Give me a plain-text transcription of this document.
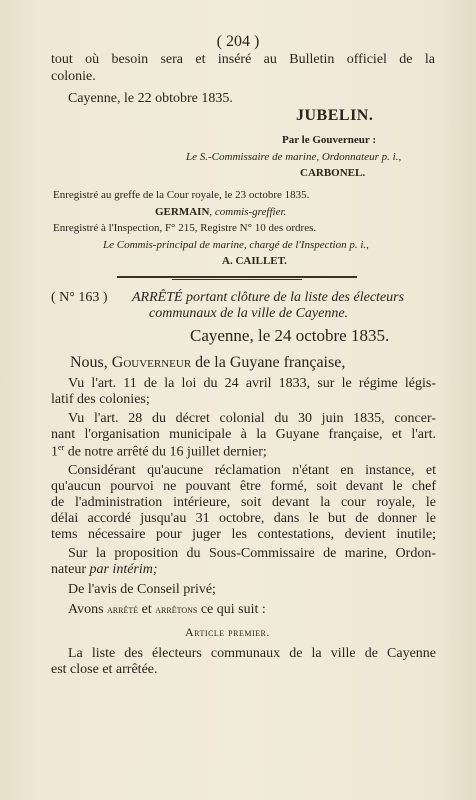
( 204 )
tout où besoin sera et inséré au Bulletin officiel de la
colonie.
Cayenne, le 22 obtobre 1835.
JUBELIN.
Par le Gouverneur :
Le S.-Commissaire de marine, Ordonnateur p. i.,
CARBONEL.
Enregistré au greffe de la Cour royale, le 23 octobre 1835.
GERMAIN, commis-greffier.
Enregistré à l'Inspection, F° 215, Registre N° 10 des ordres.
Le Commis-principal de marine, chargé de l'Inspection p. i.,
A. CAILLET.
( N° 163 ) ARRÊTÉ portant clôture de la liste des électeurs
communaux de la ville de Cayenne.
Cayenne, le 24 octobre 1835.
Nous, Gouverneur de la Guyane française,
Vu l'art. 11 de la loi du 24 avril 1833, sur le régime légis-
latif des colonies;
Vu l'art. 28 du décret colonial du 30 juin 1835, concer-
nant l'organisation municipale à la Guyane française, et l'art.
1er de notre arrêté du 16 juillet dernier;
Considérant qu'aucune réclamation n'étant en instance, et
qu'aucun pourvoi ne pouvant être formé, soit devant le chef
de l'administration intérieure, soit devant la cour royale, le
délai accordé jusqu'au 31 octobre, dans le but de donner le
tems nécessaire pour juger les contestations, devient inutile;
Sur la proposition du Sous-Commissaire de marine, Ordon-
nateur par intérim;
De l'avis de Conseil privé;
Avons arrêté et arrêtons ce qui suit :
Article premier.
La liste des électeurs communaux de la ville de Cayenne
est close et arrêtée.
